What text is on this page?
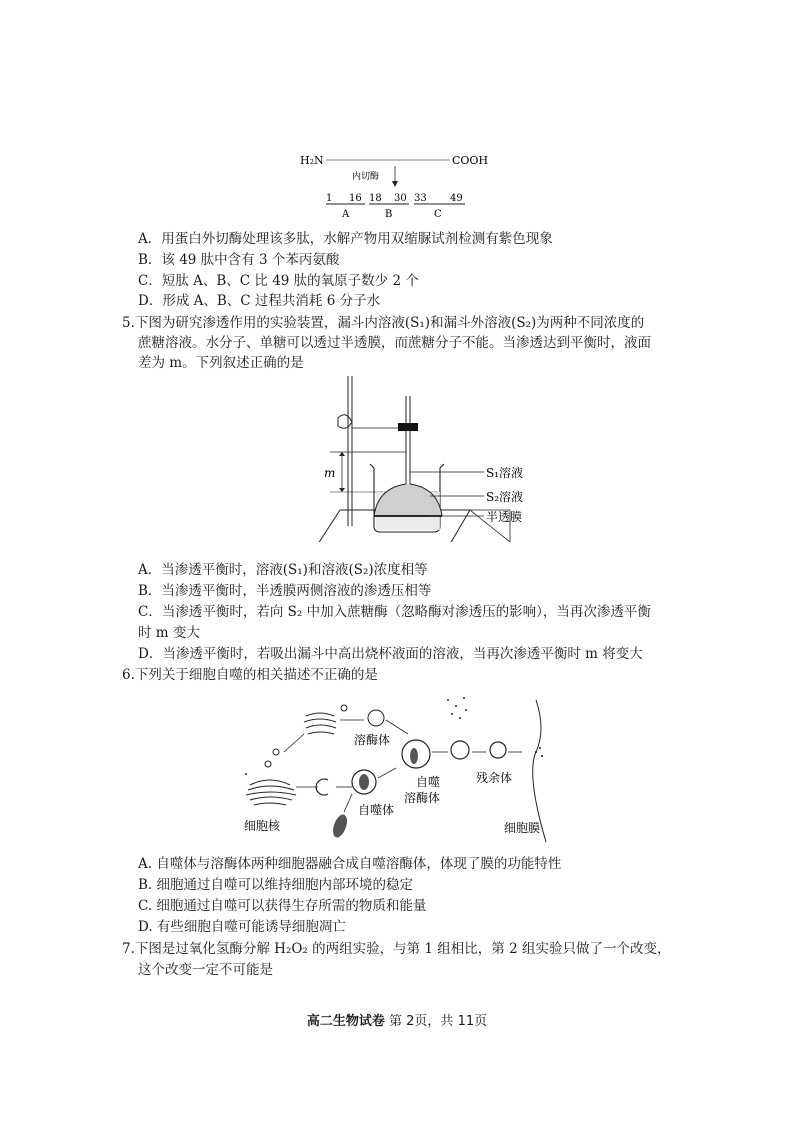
H₂N	COOH
内切酶
1 16 18 30 33 49
A	B	C
A．用蛋白外切酶处理该多肽，水解产物用双缩脲试剂检测有紫色现象
B．该 49 肽中含有 3 个苯丙氨酸
C．短肽 A、B、C 比 49 肽的氧原子数少 2 个
D．形成 A、B、C 过程共消耗 6 分子水
5.下图为研究渗透作用的实验装置，漏斗内溶液(S₁)和漏斗外溶液(S₂)为两种不同浓度的
蔗糖溶液。水分子、单糖可以透过半透膜，而蔗糖分子不能。当渗透达到平衡时，液面
差为 m。下列叙述正确的是
m	S₁溶液
S₂溶液
半透膜
A．当渗透平衡时，溶液(S₁)和溶液(S₂)浓度相等
B．当渗透平衡时，半透膜两侧溶液的渗透压相等
C．当渗透平衡时，若向 S₂ 中加入蔗糖酶（忽略酶对渗透压的影响），当再次渗透平衡
时 m 变大
D．当渗透平衡时，若吸出漏斗中高出烧杯液面的溶液，当再次渗透平衡时 m 将变大
6.下列关于细胞自噬的相关描述不正确的是
细胞核
溶酶体
自噬体
自噬
溶酶体
残余体
细胞膜
A. 自噬体与溶酶体两种细胞器融合成自噬溶酶体，体现了膜的功能特性
B. 细胞通过自噬可以维持细胞内部环境的稳定
C. 细胞通过自噬可以获得生存所需的物质和能量
D. 有些细胞自噬可能诱导细胞凋亡
7.下图是过氧化氢酶分解 H₂O₂ 的两组实验，与第 1 组相比，第 2 组实验只做了一个改变，
这个改变一定不可能是
高二生物试卷 第 2页，共 11页
